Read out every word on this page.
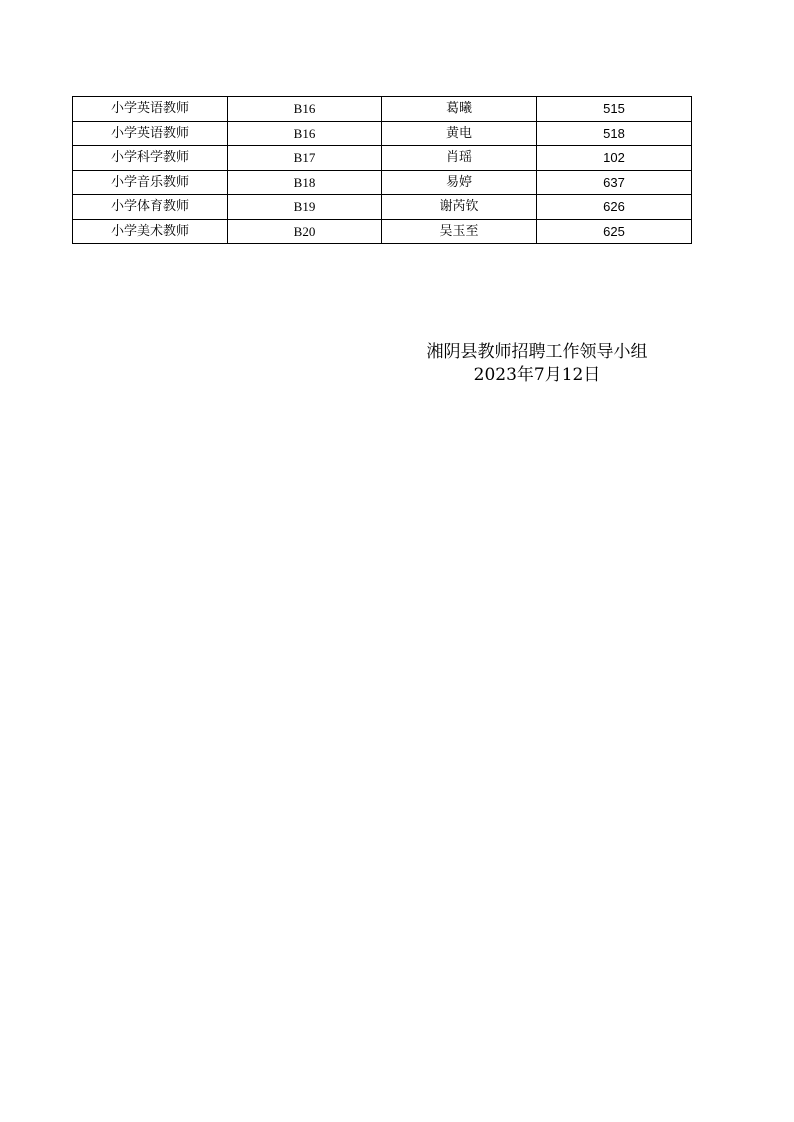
小学英语教师	B16	葛曦	515
小学英语教师	B16	黄电	518
小学科学教师	B17	肖瑶	102
小学音乐教师	B18	易婷	637
小学体育教师	B19	谢芮钦	626
小学美术教师	B20	吴玉至	625
湘阴县教师招聘工作领导小组
2023年7月12日
